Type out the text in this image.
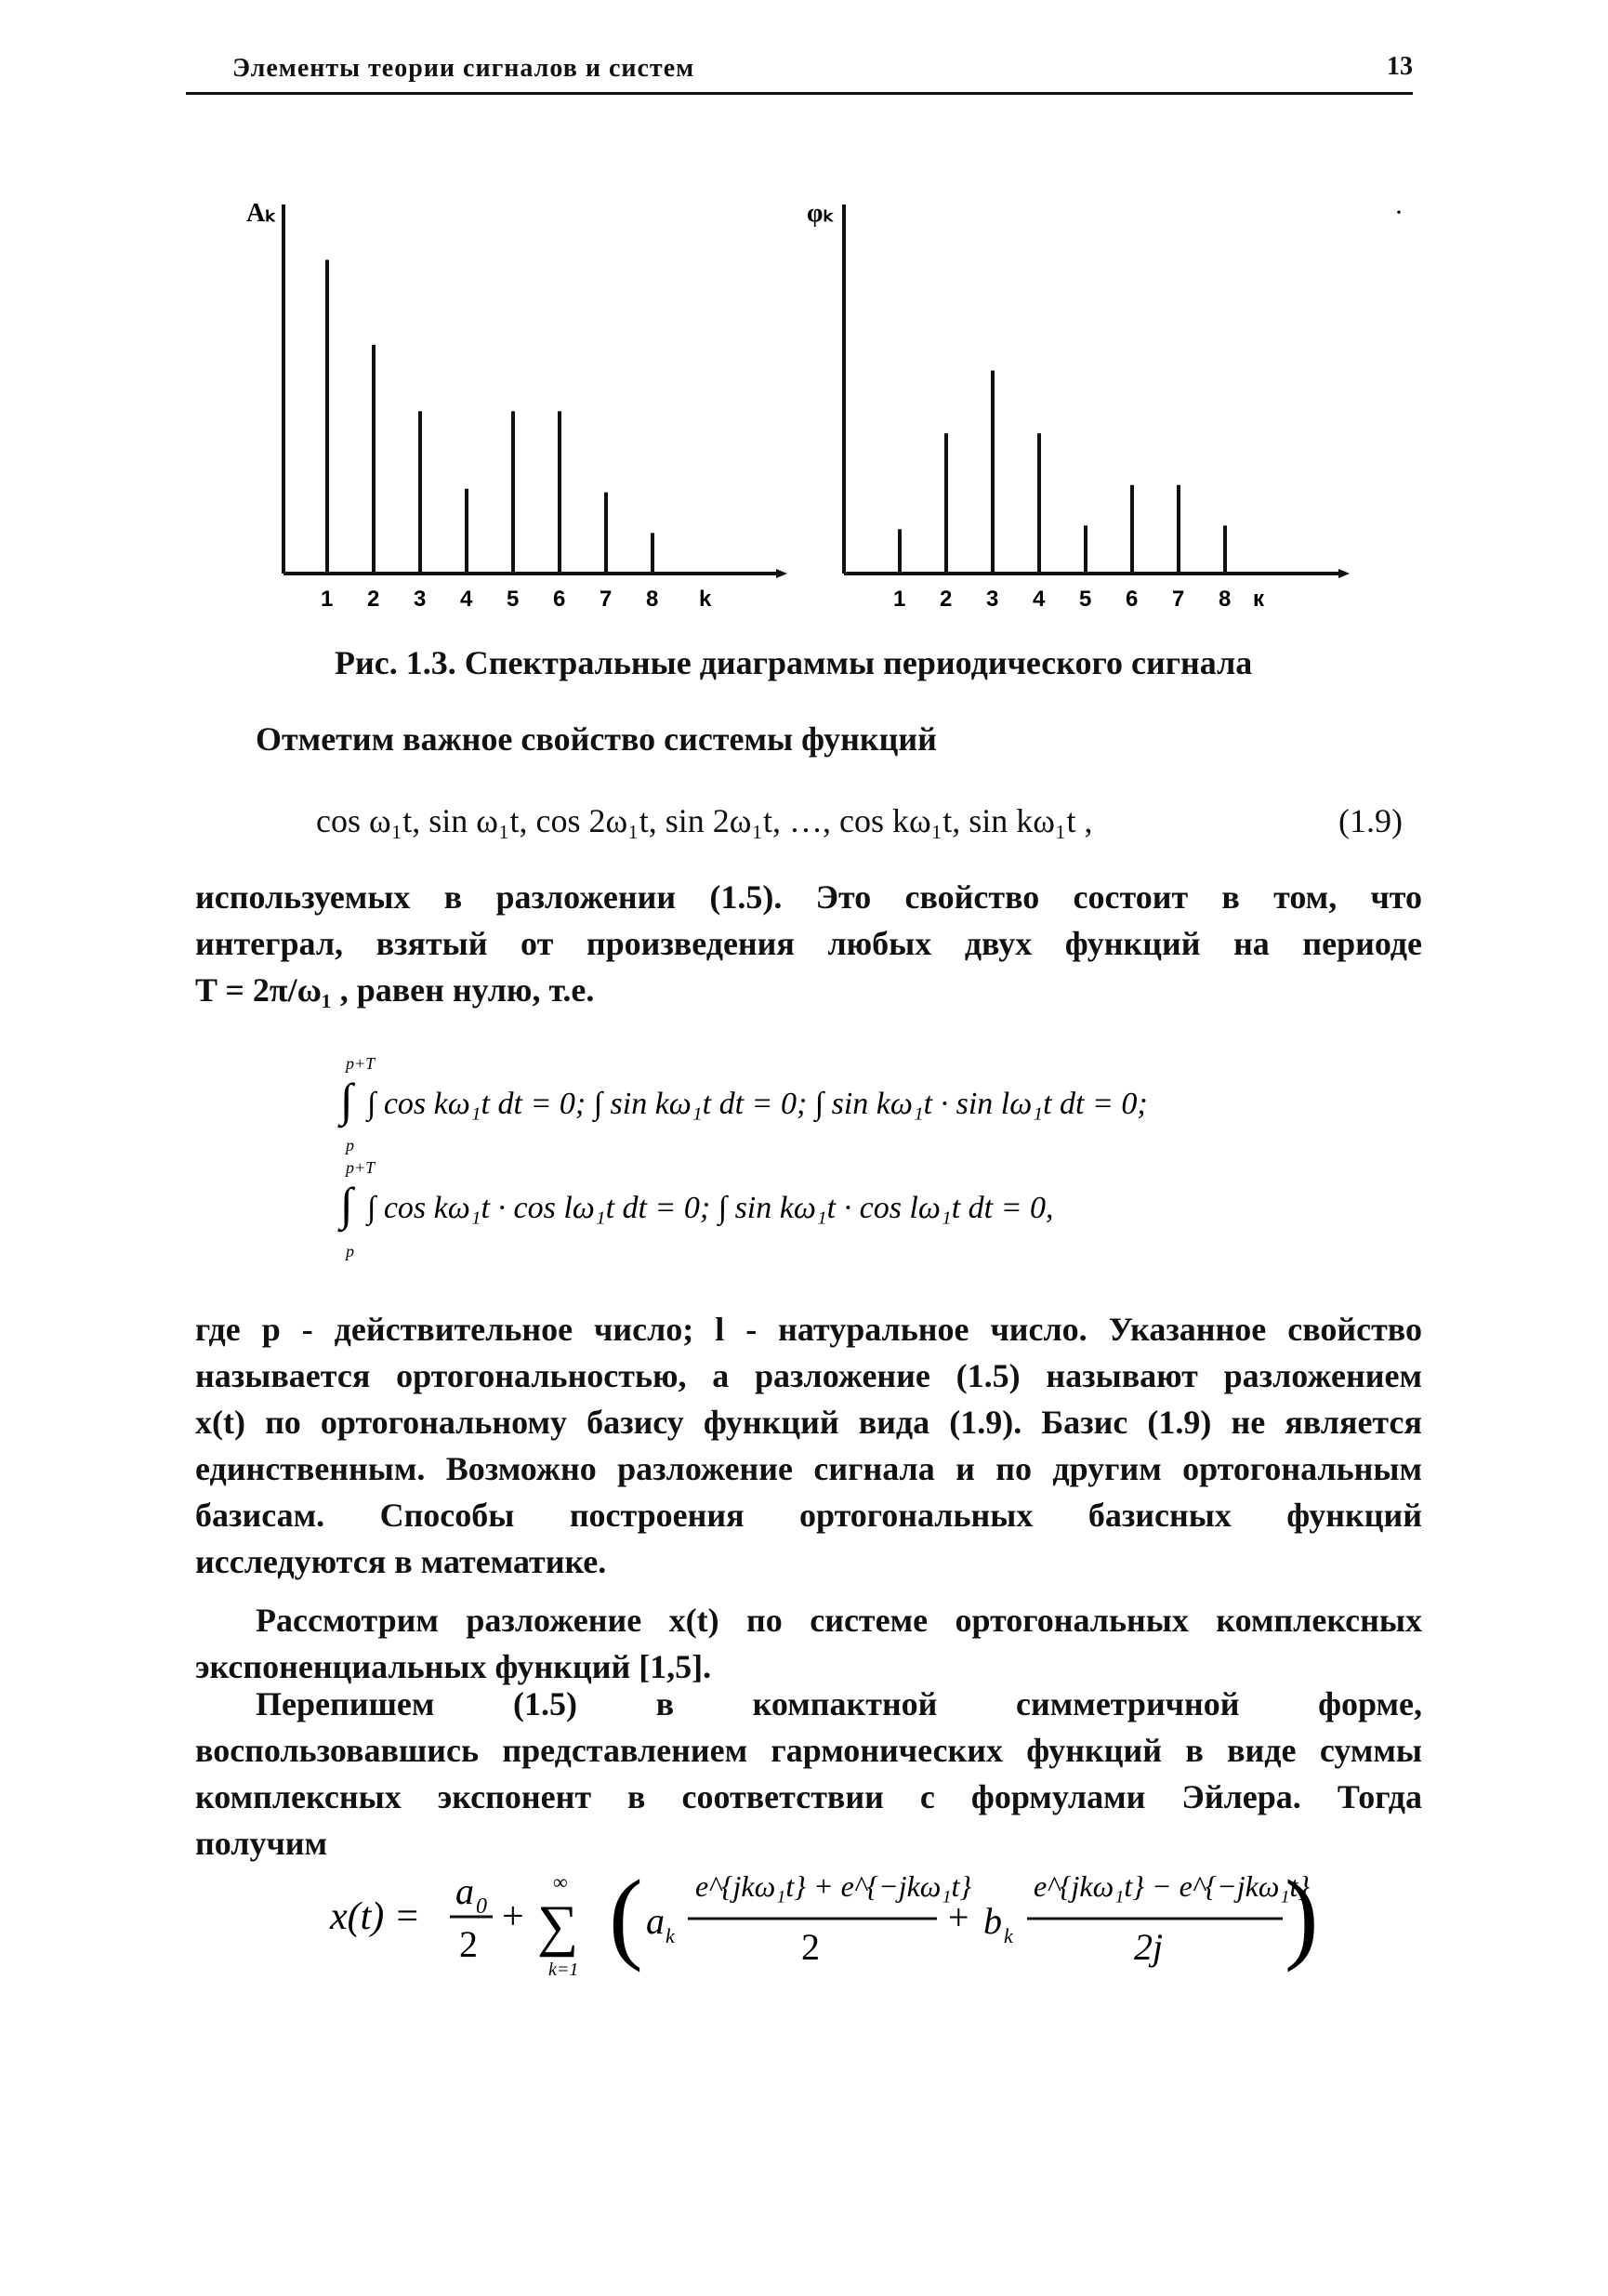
Элементы теории сигналов и систем	13
Aₖ
1 2 3 4 5 6 7 8 k
φₖ
1 2 3 4 5 6 7 8 к
·
Рис. 1.3. Спектральные диаграммы периодического сигнала
Отметим важное свойство системы функций
cos ω₁t, sin ω₁t, cos 2ω₁t, sin 2ω₁t, …, cos kω₁t, sin kω₁t ,	(1.9)
используемых в разложении (1.5). Это свойство состоит в том, что
интеграл, взятый от произведения любых двух функций на периоде
T = 2π/ω₁ , равен нулю, т.е.
p+T
∫ ∫ cos kω₁t dt = 0; ∫ sin kω₁t dt = 0; ∫ sin kω₁t · sin lω₁t dt = 0;
p
p+T
∫ ∫ cos kω₁t · cos lω₁t dt = 0; ∫ sin kω₁t · cos lω₁t dt = 0,
p
где p - действительное число; l - натуральное число. Указанное свойство
называется ортогональностью, а разложение (1.5) называют разложением
x(t) по ортогональному базису функций вида (1.9). Базис (1.9) не является
единственным. Возможно разложение сигнала и по другим ортогональным
базисам. Способы построения ортогональных базисных функций
исследуются в математике.
Рассмотрим разложение x(t) по системе ортогональных комплексных
экспоненциальных функций [1,5].
Перепишем (1.5) в компактной симметричной форме,
воспользовавшись представлением гармонических функций в виде суммы
комплексных экспонент в соответствии с формулами Эйлера. Тогда
получим
x(t) =
a 0
2
+
∞
∑
k=1 ( a k
e^{jkω₁t} + e^{−jkω₁t}
2
+ b k
e^{jkω₁t} − e^{−jkω₁t}
2j )
